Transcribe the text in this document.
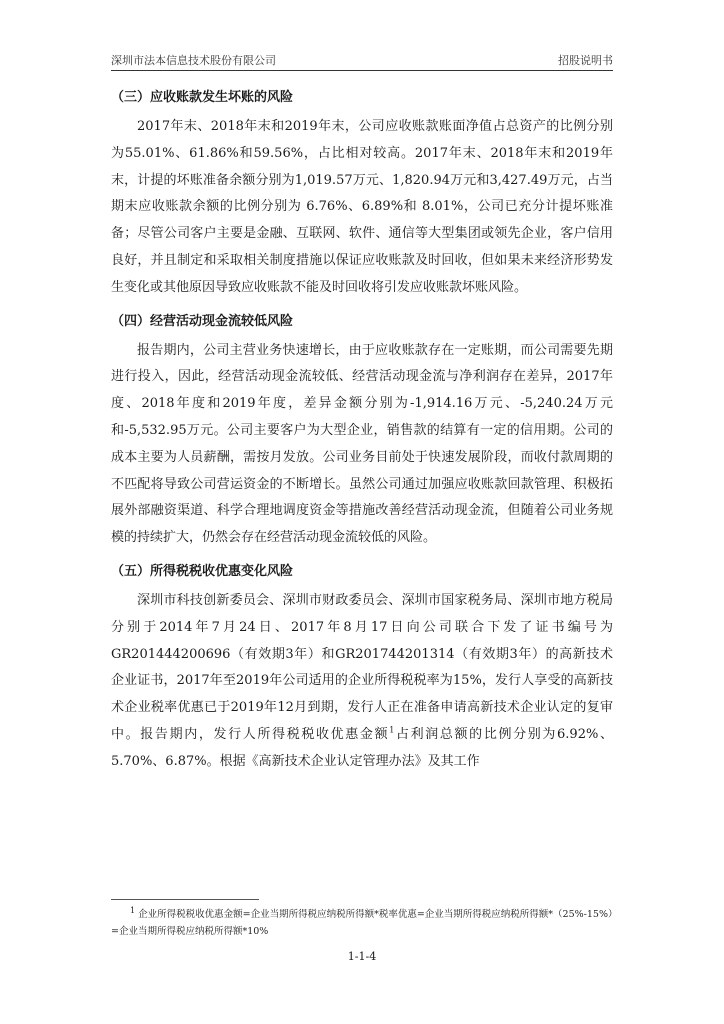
深圳市法本信息技术股份有限公司	招股说明书
（三）应收账款发生坏账的风险

2017年末、2018年末和2019年末，公司应收账款账面净值占总资产的比例分别为55.01%、61.86%和59.56%，占比相对较高。2017年末、2018年末和2019年末，计提的坏账准备余额分别为1,019.57万元、1,820.94万元和3,427.49万元，占当期末应收账款余额的比例分别为 6.76%、6.89%和 8.01%，公司已充分计提坏账准备；尽管公司客户主要是金融、互联网、软件、通信等大型集团或领先企业，客户信用良好，并且制定和采取相关制度措施以保证应收账款及时回收，但如果未来经济形势发生变化或其他原因导致应收账款不能及时回收将引发应收账款坏账风险。

（四）经营活动现金流较低风险

报告期内，公司主营业务快速增长，由于应收账款存在一定账期，而公司需要先期进行投入，因此，经营活动现金流较低、经营活动现金流与净利润存在差异，2017年度、2018年度和2019年度，差异金额分别为-1,914.16万元、-5,240.24万元和-5,532.95万元。公司主要客户为大型企业，销售款的结算有一定的信用期。公司的成本主要为人员薪酬，需按月发放。公司业务目前处于快速发展阶段，而收付款周期的不匹配将导致公司营运资金的不断增长。虽然公司通过加强应收账款回款管理、积极拓展外部融资渠道、科学合理地调度资金等措施改善经营活动现金流，但随着公司业务规模的持续扩大，仍然会存在经营活动现金流较低的风险。

（五）所得税税收优惠变化风险

深圳市科技创新委员会、深圳市财政委员会、深圳市国家税务局、深圳市地方税局分别于2014年7月24日、2017年8月17日向公司联合下发了证书编号为GR201444200696（有效期3年）和GR201744201314（有效期3年）的高新技术企业证书，2017年至2019年公司适用的企业所得税税率为15%，发行人享受的高新技术企业税率优惠已于2019年12月到期，发行人正在准备申请高新技术企业认定的复审中。报告期内，发行人所得税税收优惠金额$^1$占利润总额的比例分别为6.92%、5.70%、6.87%。根据《高新技术企业认定管理办法》及其工作

$^1$ 企业所得税税收优惠金额=企业当期所得税应纳税所得额*税率优惠=企业当期所得税应纳税所得额*（25%-15%）=企业当期所得税应纳税所得额*10%
1-1-4
